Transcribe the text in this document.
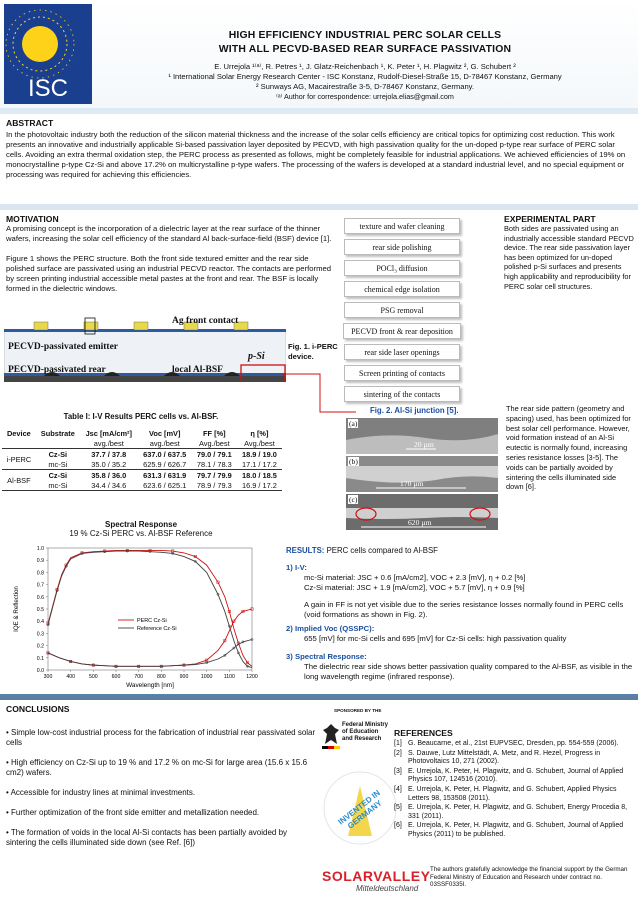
ISC
HIGH EFFICIENCY INDUSTRIAL PERC SOLAR CELLS
WITH ALL PECVD-BASED REAR SURFACE PASSIVATION
E. Urrejola ¹⁽ᵃ⁾, R. Petres ¹, J. Glatz-Reichenbach ¹, K. Peter ¹, H. Plagwitz ², G. Schubert ²
¹ International Solar Energy Research Center - ISC Konstanz, Rudolf-Diesel-Straße 15, D-78467 Konstanz, Germany
² Sunways AG, Macairestraße 3-5, D-78467 Konstanz, Germany.
⁽ᵃ⁾ Author for correspondence: urrejola.elias@gmail.com
ABSTRACT

In the photovoltaic industry both the reduction of the silicon material thickness and the increase of the solar cells efficiency are critical topics for optimizing cost reduction. This work presents an innovative and industrially applicable Si-based passivation layer deposited by PECVD, with high passivation quality for the un-doped p-type rear surface of PERC solar cells. Avoiding an extra thermal oxidation step, the PERC process as presented as follows, might be completely feasible for industrial applications. We achieved efficiencies of 19% on monocrystalline p-type Cz-Si and above 17.2% on multicrystalline p-type wafers. The processing of the wafers is developed at a standard industrial level, and no special equipment or processing was required for achieving this efficiencies.

MOTIVATION

A promising concept is the incorporation of a dielectric layer at the rear surface of the thinner wafers, increasing the solar cell efficiency of the standard Al back-surface-field (BSF) device [1].

Figure 1 shows the PERC structure. Both the front side textured emitter and the rear side polished surface are passivated using an industrial PECVD reactor. The contacts are performed by screen printing industrial accessible metal pastes at the front and rear. The BSF is locally formed in the dielectric windows.

Ag front contact
PECVD-passivated emitter
p-Si
PECVD-passivated rear	local Al-BSF
Fig. 1. i-PERC device.
texture and wafer cleaning
rear side polishing
POCl₃ diffusion
chemical edge isolation
PSG removal
PECVD front & rear deposition
rear side laser openings
Screen printing of contacts
sintering of the contacts
EXPERIMENTAL PART

Both sides are passivated using an industrially accessible standard PECVD device. The rear side passivation layer has been optimized for un-doped polished p-Si surfaces and presents high applicability and reproducibility for PERC solar cell structures.

Table I: I-V Results PERC cells vs. Al-BSF.
Device	Substrate	Jsc [mA/cm²]	Voc [mV]	FF [%]	η [%]
		avg./best	avg./best	Avg./best	Avg./best
i-PERC	Cz-Si	37.7 / 37.8	637.0 / 637.5	79.0 / 79.1	18.9 / 19.0
	mc-Si	35.0 / 35.2	625.9 / 626.7	78.1 / 78.3	17.1 / 17.2
Al-BSF	Cz-Si	35.8 / 36.0	631.3 / 631.9	79.7 / 79.9	18.0 / 18.5
	mc-Si	34.4 / 34.6	623.6 / 625.1	78.9 / 79.3	16.9 / 17.2
Fig. 2. Al-Si junction [5].
(a)
(b)
(c)
20 µm
170 µm
620 µm

The rear side pattern (geometry and spacing) used, has been optimized for best solar cell performance. However, void formation instead of an Al-Si eutectic is normally found, increasing series resistance losses [3-5]. The voids can be partially avoided by sintering the cells illuminated side down [6].

Spectral Response
19 % Cz-Si PERC vs. Al-BSF Reference
0.0
0.1
0.2
0.3
0.4
0.5
0.6
0.7
0.8
0.9
1.0
300	400	500	600	700	800	900 1000 1100 1200
Wavelength [nm]
IQE & Reflection	PERC Cz-Si
Reference Cz-Si

RESULTS: PERC cells compared to Al-BSF

1) I-V:

mc-Si material: JSC + 0.6 [mA/cm2], VOC + 2.3 [mV], η + 0.2 [%]

Cz-Si material: JSC + 1.9 [mA/cm2], VOC + 5.7 [mV], η + 0.9 [%]

A gain in FF is not yet visible due to the series resistance losses normally found in PERC cells (void formations as shown in Fig. 2).

2) Implied Voc (QSSPC):

655 [mV] for mc-Si cells and 695 [mV] for Cz-Si cells: high passivation quality

3) Spectral Response:

The dielectric rear side shows better passivation quality compared to the Al-BSF, as visible in the long wavelength regime (infrared response).

CONCLUSIONS

• Simple low-cost industrial process for the fabrication of industrial rear passivated solar cells

• High efficiency on Cz-Si up to 19 % and 17.2 % on mc-Si for large area (15.6 x 15.6 cm2) wafers.

• Accessible for industry lines at minimal investments.

• Further optimization of the front side emitter and metallization needed.

• The formation of voids in the local Al-Si contacts has been partially avoided by sintering the cells illuminated side down (see Ref. [6])

SPONSORED BY THE
Federal Ministry
of Education
and Research
INVENTED IN GERMANY
SOLARVALLEY
Mitteldeutschland
REFERENCES
[1] G. Beaucarne, et al., 21st EUPVSEC, Dresden, pp. 554-559 (2006).
[2] S. Dauwe, Lutz Mittelstädt, A. Metz, and R. Hezel, Progress in Photovoltaics 10, 271 (2002).
[3] E. Urrejola, K. Peter, H. Plagwitz, and G. Schubert, Journal of Applied Physics 107, 124516 (2010).
[4] E. Urrejola, K. Peter, H. Plagwitz, and G. Schubert, Applied Physics Letters 98, 153508 (2011).
[5] E. Urrejola, K. Peter, H. Plagwitz, and G. Schubert, Energy Procedia 8, 331 (2011).
[6] E. Urrejola, K. Peter, H. Plagwitz, and G. Schubert, Journal of Applied Physics (2011) to be published.

The authors gratefully acknowledge the financial support by the German Federal Ministry of Education and Research under contract no. 03SSF0335I.
